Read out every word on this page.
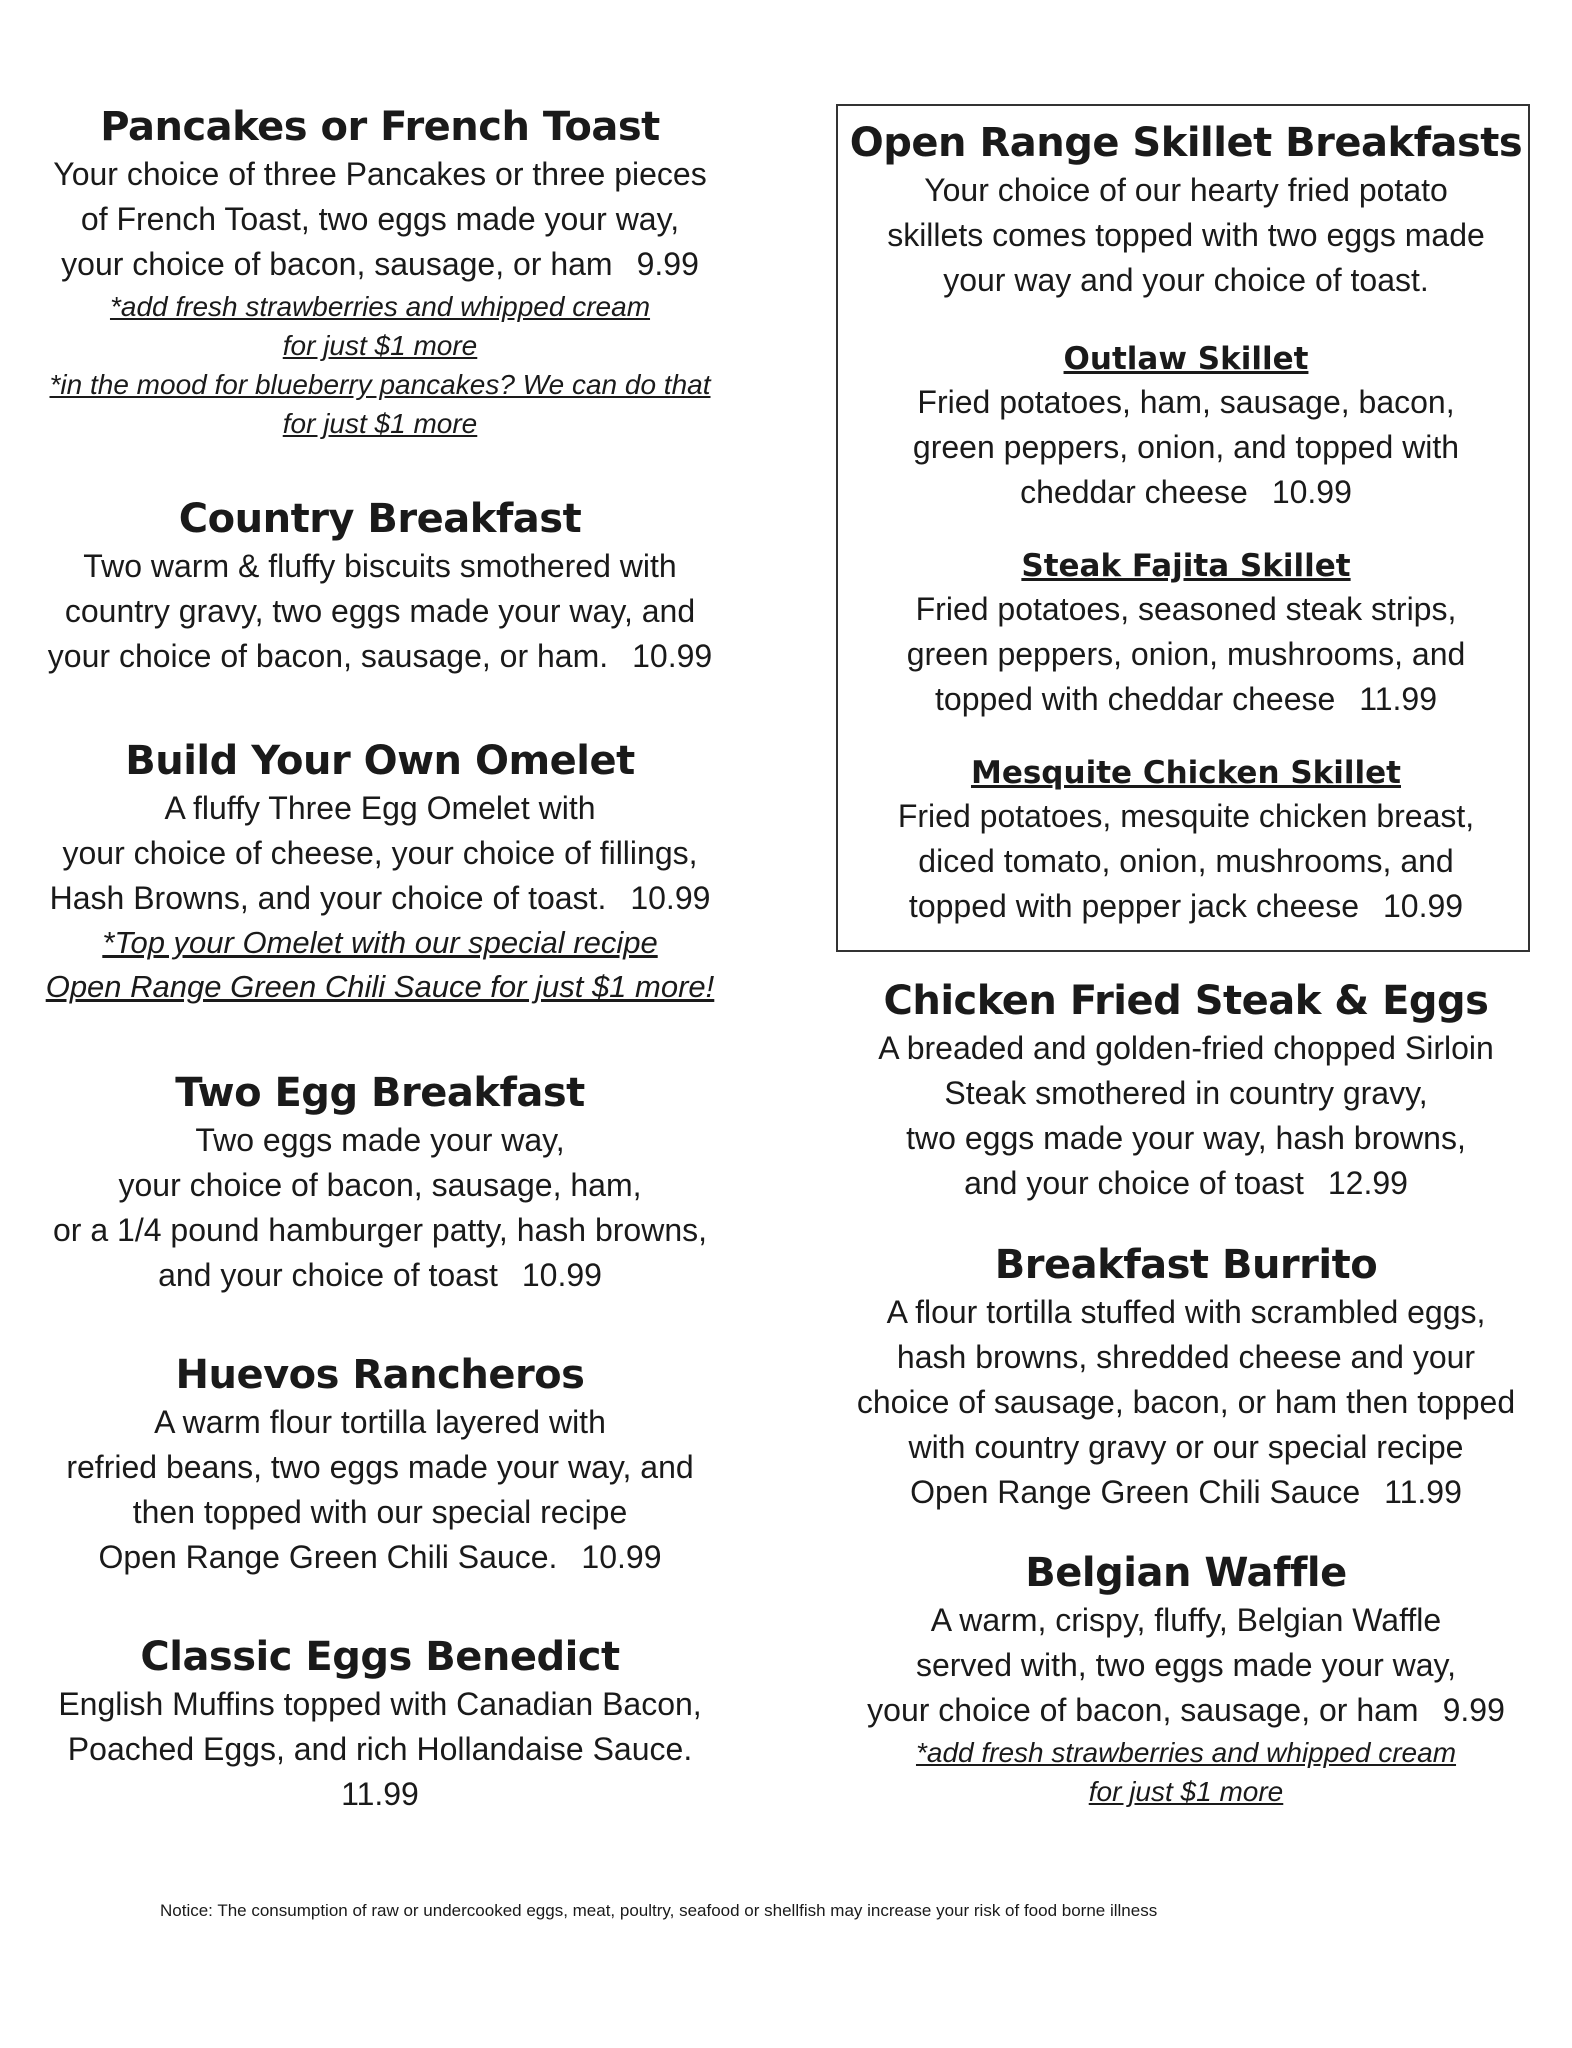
Pancakes or French Toast

Your choice of three Pancakes or three pieces

of French Toast, two eggs made your way,

your choice of bacon, sausage, or ham 9.99

*add fresh strawberries and whipped cream

for just $1 more

*in the mood for blueberry pancakes? We can do that

for just $1 more

Country Breakfast

Two warm & fluffy biscuits smothered with

country gravy, two eggs made your way, and

your choice of bacon, sausage, or ham. 10.99

Build Your Own Omelet

A fluffy Three Egg Omelet with

your choice of cheese, your choice of fillings,

Hash Browns, and your choice of toast. 10.99

*Top your Omelet with our special recipe

Open Range Green Chili Sauce for just $1 more!

Two Egg Breakfast

Two eggs made your way,

your choice of bacon, sausage, ham,

or a 1/4 pound hamburger patty, hash browns,

and your choice of toast 10.99

Huevos Rancheros

A warm flour tortilla layered with

refried beans, two eggs made your way, and

then topped with our special recipe

Open Range Green Chili Sauce. 10.99

Classic Eggs Benedict

English Muffins topped with Canadian Bacon,

Poached Eggs, and rich Hollandaise Sauce.

11.99

Open Range Skillet Breakfasts

Your choice of our hearty fried potato

skillets comes topped with two eggs made

your way and your choice of toast.

Outlaw Skillet

Fried potatoes, ham, sausage, bacon,

green peppers, onion, and topped with

cheddar cheese 10.99

Steak Fajita Skillet

Fried potatoes, seasoned steak strips,

green peppers, onion, mushrooms, and

topped with cheddar cheese 11.99

Mesquite Chicken Skillet

Fried potatoes, mesquite chicken breast,

diced tomato, onion, mushrooms, and

topped with pepper jack cheese 10.99

Chicken Fried Steak & Eggs

A breaded and golden-fried chopped Sirloin

Steak smothered in country gravy,

two eggs made your way, hash browns,

and your choice of toast 12.99

Breakfast Burrito

A flour tortilla stuffed with scrambled eggs,

hash browns, shredded cheese and your

choice of sausage, bacon, or ham then topped

with country gravy or our special recipe

Open Range Green Chili Sauce 11.99

Belgian Waffle

A warm, crispy, fluffy, Belgian Waffle

served with, two eggs made your way,

your choice of bacon, sausage, or ham 9.99

*add fresh strawberries and whipped cream

for just $1 more

Notice: The consumption of raw or undercooked eggs, meat, poultry, seafood or shellfish may increase your risk of food borne illness
